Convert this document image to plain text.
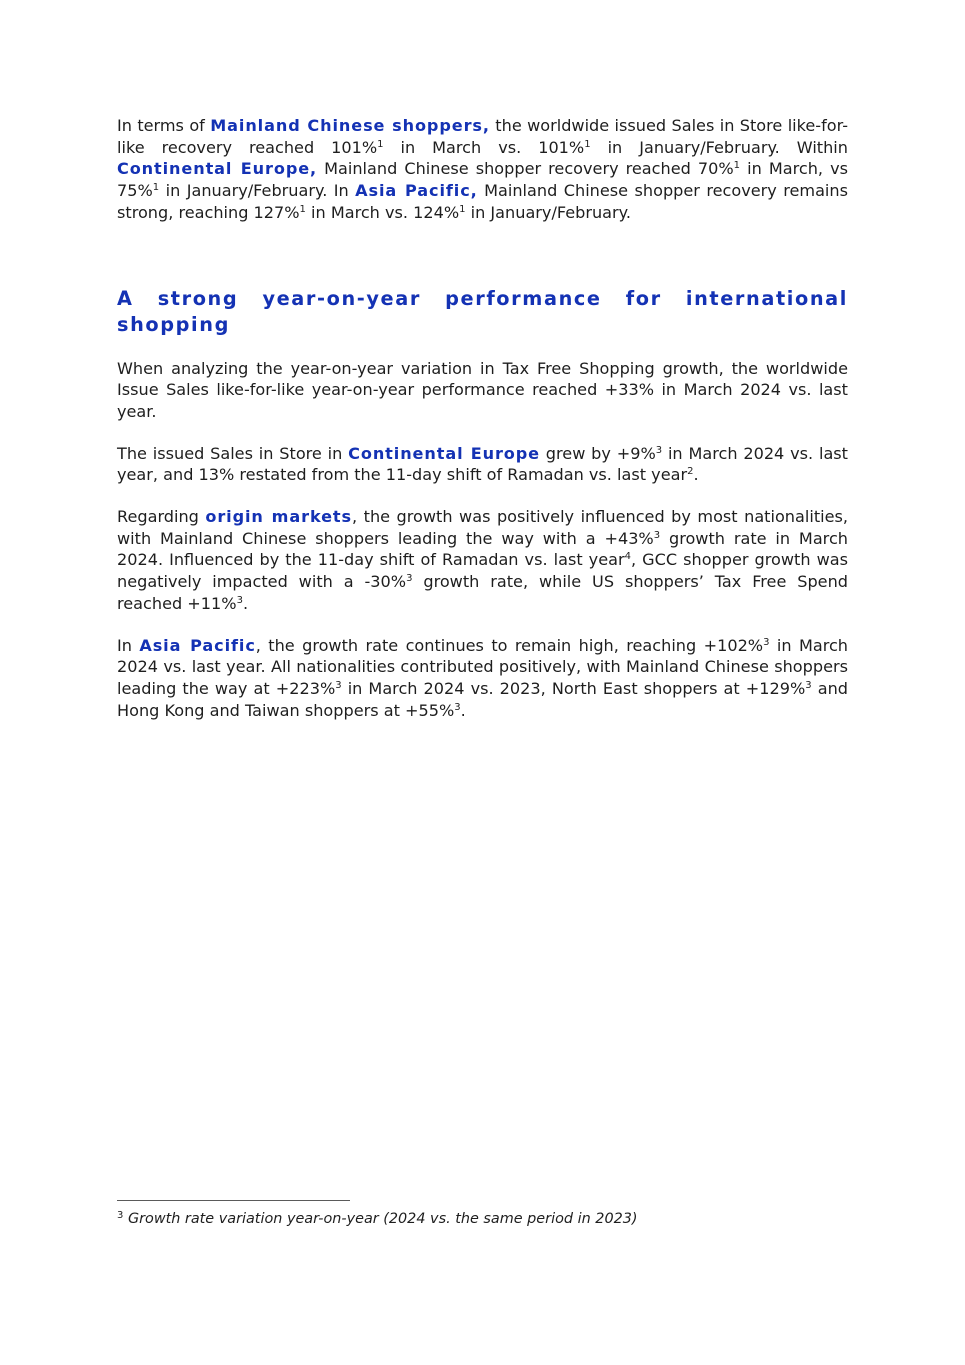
In terms of Mainland Chinese shoppers, the worldwide issued Sales in Store like-for-like recovery reached 101%$^1$ in March vs. 101%$^1$ in January/February. Within Continental Europe, Mainland Chinese shopper recovery reached 70%$^1$ in March, vs 75%$^1$ in January/February. In Asia Pacific, Mainland Chinese shopper recovery remains strong, reaching 127%$^1$ in March vs. 124%$^1$ in January/February.

A strong year-on-year performance for international shopping

When analyzing the year-on-year variation in Tax Free Shopping growth, the worldwide Issue Sales like-for-like year-on-year performance reached +33% in March 2024 vs. last year.

The issued Sales in Store in Continental Europe grew by +9%$^3$ in March 2024 vs. last year, and 13% restated from the 11-day shift of Ramadan vs. last year$^2$.

Regarding origin markets, the growth was positively influenced by most nationalities, with Mainland Chinese shoppers leading the way with a +43%$^3$ growth rate in March 2024. Influenced by the 11-day shift of Ramadan vs. last year$^4$, GCC shopper growth was negatively impacted with a -30%$^3$ growth rate, while US shoppers’ Tax Free Spend reached +11%$^3$.

In Asia Pacific, the growth rate continues to remain high, reaching +102%$^3$ in March 2024 vs. last year. All nationalities contributed positively, with Mainland Chinese shoppers leading the way at +223%$^3$ in March 2024 vs. 2023, North East shoppers at +129%$^3$ and Hong Kong and Taiwan shoppers at +55%$^3$.

$^3$ Growth rate variation year-on-year (2024 vs. the same period in 2023)
